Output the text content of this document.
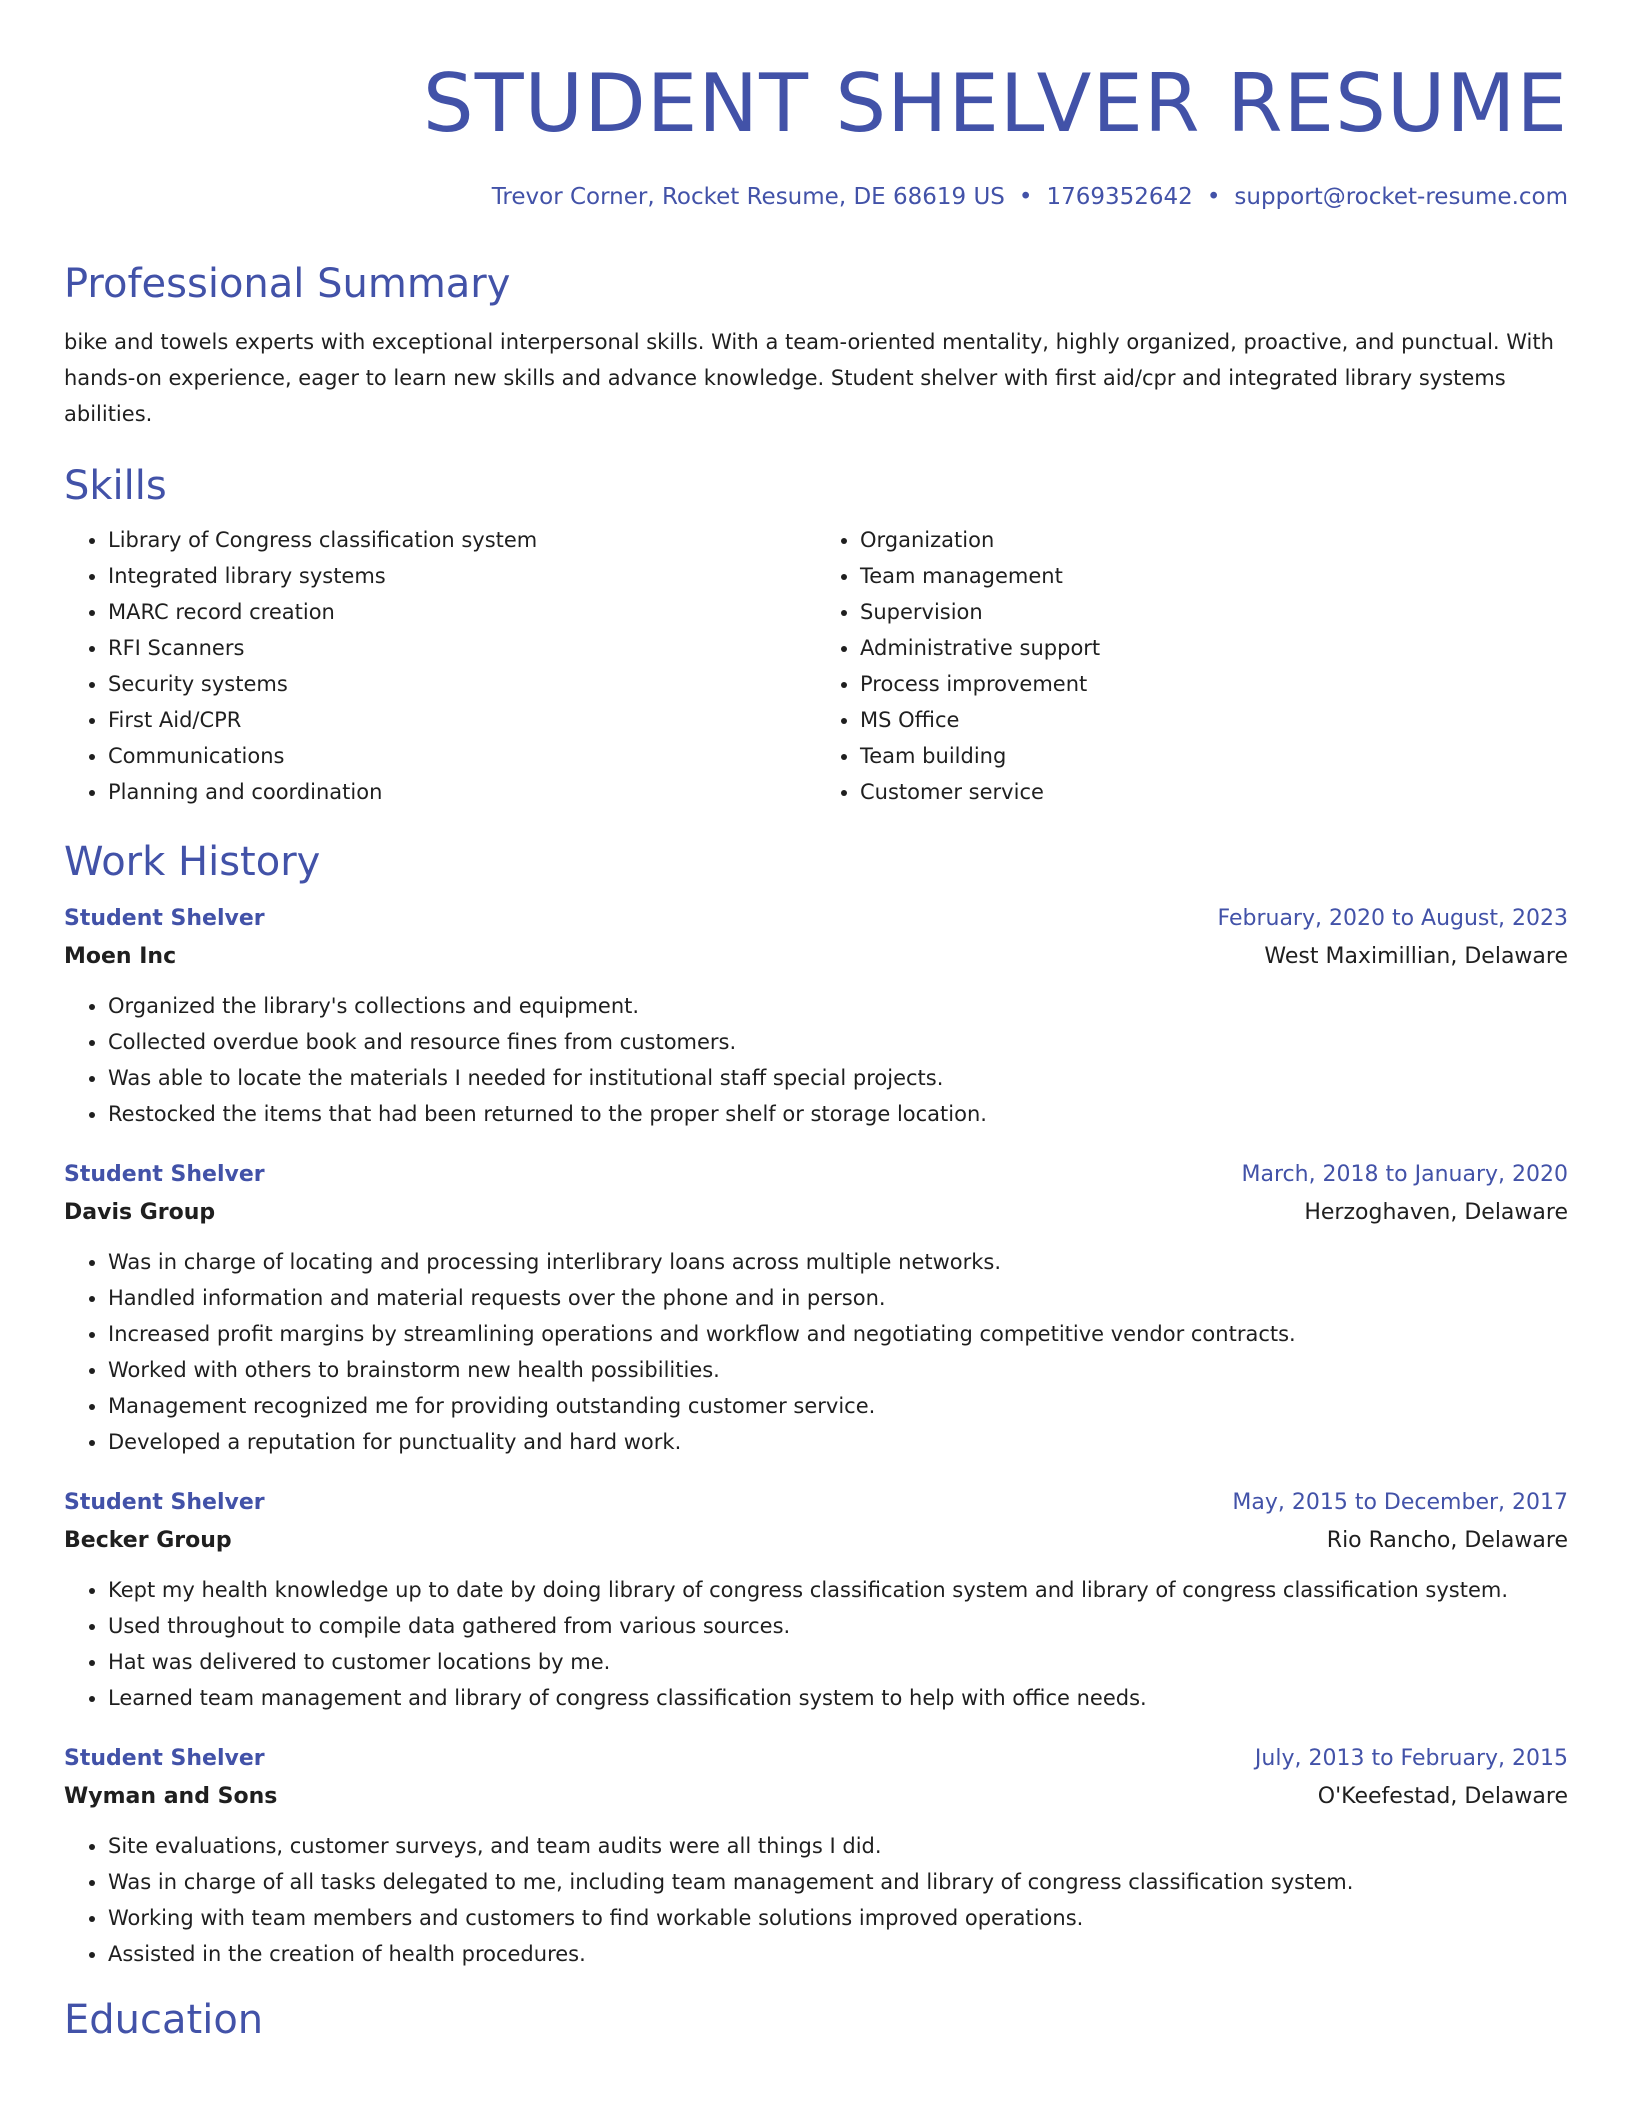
STUDENT SHELVER RESUME
Trevor Corner, Rocket Resume, DE 68619 US • 1769352642 • support@rocket-resume.com
Professional Summary
bike and towels experts with exceptional interpersonal skills. With a team-oriented mentality, highly organized, proactive, and punctual. With hands-on experience, eager to learn new skills and advance knowledge. Student shelver with first aid/cpr and integrated library systems abilities.
Skills
• Library of Congress classification system
• Integrated library systems
• MARC record creation
• RFI Scanners
• Security systems
• First Aid/CPR
• Communications
• Planning and coordination
• Organization
• Team management
• Supervision
• Administrative support
• Process improvement
• MS Office
• Team building
• Customer service
Work History
Student Shelver	February, 2020 to August, 2023
Moen Inc	West Maximillian, Delaware
• Organized the library's collections and equipment.
• Collected overdue book and resource fines from customers.
• Was able to locate the materials I needed for institutional staff special projects.
• Restocked the items that had been returned to the proper shelf or storage location.
Student Shelver	March, 2018 to January, 2020
Davis Group	Herzoghaven, Delaware
• Was in charge of locating and processing interlibrary loans across multiple networks.
• Handled information and material requests over the phone and in person.
• Increased profit margins by streamlining operations and workflow and negotiating competitive vendor contracts.
• Worked with others to brainstorm new health possibilities.
• Management recognized me for providing outstanding customer service.
• Developed a reputation for punctuality and hard work.
Student Shelver	May, 2015 to December, 2017
Becker Group	Rio Rancho, Delaware
• Kept my health knowledge up to date by doing library of congress classification system and library of congress classification system.
• Used throughout to compile data gathered from various sources.
• Hat was delivered to customer locations by me.
• Learned team management and library of congress classification system to help with office needs.
Student Shelver	July, 2013 to February, 2015
Wyman and Sons	O'Keefestad, Delaware
• Site evaluations, customer surveys, and team audits were all things I did.
• Was in charge of all tasks delegated to me, including team management and library of congress classification system.
• Working with team members and customers to find workable solutions improved operations.
• Assisted in the creation of health procedures.
Education
